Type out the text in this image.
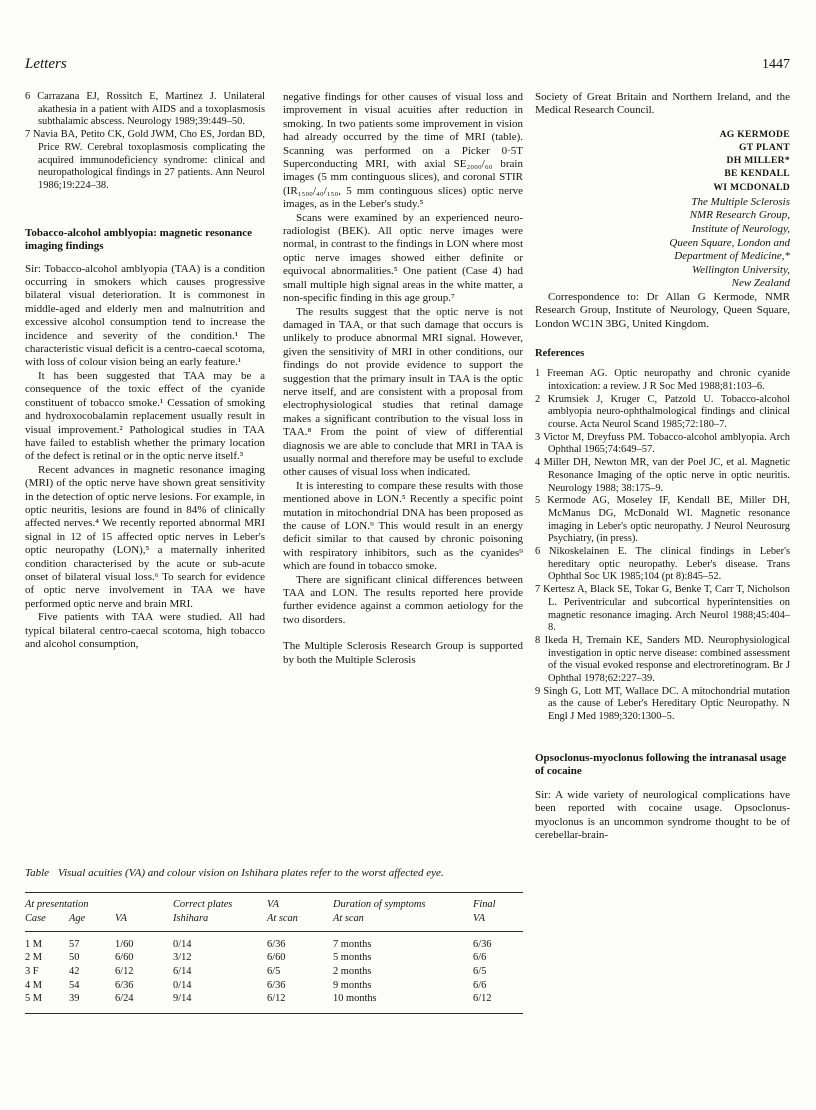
Letters	1447
6 Carrazana EJ, Rossitch E, Martinez J. Unilateral akathesia in a patient with AIDS and a toxoplasmosis subthalamic abscess. Neurology 1989;39:449–50.
7 Navia BA, Petito CK, Gold JWM, Cho ES, Jordan BD, Price RW. Cerebral toxoplasmosis complicating the acquired immunodeficiency syndrome: clinical and neuropathological findings in 27 patients. Ann Neurol 1986;19:224–38.
Tobacco-alcohol amblyopia: magnetic resonance imaging findings

Sir: Tobacco-alcohol amblyopia (TAA) is a condition occurring in smokers which causes progressive bilateral visual deterioration. It is commonest in middle-aged and elderly men and malnutrition and excessive alcohol consumption tend to increase the incidence and severity of the condition.¹ The characteristic visual deficit is a centro-caecal scotoma, with loss of colour vision being an early feature.¹

It has been suggested that TAA may be a consequence of the toxic effect of the cyanide constituent of tobacco smoke.¹ Cessation of smoking and hydroxocobalamin replacement usually result in visual improvement.² Pathological studies in TAA have failed to establish whether the primary location of the defect is retinal or in the optic nerve itself.³

Recent advances in magnetic resonance imaging (MRI) of the optic nerve have shown great sensitivity in the detection of optic nerve lesions. For example, in optic neuritis, lesions are found in 84% of clinically affected nerves.⁴ We recently reported abnormal MRI signal in 12 of 15 affected optic nerves in Leber's optic neuropathy (LON),⁵ a maternally inherited condition characterised by the acute or sub-acute onset of bilateral visual loss.⁶ To search for evidence of optic nerve involvement in TAA we have performed optic nerve and brain MRI.

Five patients with TAA were studied. All had typical bilateral centro-caecal scotoma, high tobacco and alcohol consumption,

negative findings for other causes of visual loss and improvement in visual acuities after reduction in smoking. In two patients some improvement in vision had already occurred by the time of MRI (table). Scanning was performed on a Picker 0·5T Superconducting MRI, with axial SE₂₀₀₀/₆₀ brain images (5 mm continguous slices), and coronal STIR (IR₁₅₀₀/₄₀/₁₅₀, 5 mm continguous slices) optic nerve images, as in the Leber's study.⁵

Scans were examined by an experienced neuro-radiologist (BEK). All optic nerve images were normal, in contrast to the findings in LON where most optic nerve images showed either definite or equivocal abnormalities.⁵ One patient (Case 4) had small multiple high signal areas in the white matter, a non-specific finding in this age group.⁷

The results suggest that the optic nerve is not damaged in TAA, or that such damage that occurs is unlikely to produce abnormal MRI signal. However, given the sensitivity of MRI in other conditions, our findings do not provide evidence to support the suggestion that the primary insult in TAA is the optic nerve itself, and are consistent with a proposal from electrophysiological studies that retinal damage makes a significant contribution to the visual loss in TAA.⁸ From the point of view of differential diagnosis we are able to conclude that MRI in TAA is usually normal and therefore may be useful to exclude other causes of visual loss when indicated.

It is interesting to compare these results with those mentioned above in LON.⁵ Recently a specific point mutation in mitochondrial DNA has been proposed as the cause of LON.⁹ This would result in an energy deficit similar to that caused by chronic poisoning with respiratory inhibitors, such as the cyanides⁹ which are found in tobacco smoke.

There are significant clinical differences between TAA and LON. The results reported here provide further evidence against a common aetiology for the two disorders.

The Multiple Sclerosis Research Group is supported by both the Multiple Sclerosis

Table Visual acuities (VA) and colour vision on Ishihara plates refer to the worst affected eye.

At presentation			Correct plates	VA	Duration of symptoms	Final
Case	Age	VA	Ishihara	At scan	At scan	VA
1 M	57	1/60	0/14	6/36	7 months	6/36
2 M	50	6/60	3/12	6/60	5 months	6/6
3 F	42	6/12	6/14	6/5	2 months	6/5
4 M	54	6/36	0/14	6/36	9 months	6/6
5 M	39	6/24	9/14	6/12	10 months	6/12

Society of Great Britain and Northern Ireland, and the Medical Research Council.

AG KERMODE
GT PLANT
DH MILLER*
BE KENDALL
WI MCDONALD
The Multiple Sclerosis
NMR Research Group,
Institute of Neurology,
Queen Square, London and
Department of Medicine,*
Wellington University,
New Zealand

Correspondence to: Dr Allan G Kermode, NMR Research Group, Institute of Neurology, Queen Square, London WC1N 3BG, United Kingdom.

References
1 Freeman AG. Optic neuropathy and chronic cyanide intoxication: a review. J R Soc Med 1988;81:103–6.
2 Krumsiek J, Kruger C, Patzold U. Tobacco-alcohol amblyopia neuro-ophthalmological findings and clinical course. Acta Neurol Scand 1985;72:180–7.
3 Victor M, Dreyfuss PM. Tobacco-alcohol amblyopia. Arch Ophthal 1965;74:649–57.
4 Miller DH, Newton MR, van der Poel JC, et al. Magnetic Resonance Imaging of the optic nerve in optic neuritis. Neurology 1988; 38:175–9.
5 Kermode AG, Moseley IF, Kendall BE, Miller DH, McManus DG, McDonald WI. Magnetic resonance imaging in Leber's optic neuropathy. J Neurol Neurosurg Psychiatry, (in press).
6 Nikoskelainen E. The clinical findings in Leber's hereditary optic neuropathy. Leber's disease. Trans Ophthal Soc UK 1985;104 (pt 8):845–52.
7 Kertesz A, Black SE, Tokar G, Benke T, Carr T, Nicholson L. Periventricular and subcortical hyperintensities on magnetic resonance imaging. Arch Neurol 1988;45:404–8.
8 Ikeda H, Tremain KE, Sanders MD. Neurophysiological investigation in optic nerve disease: combined assessment of the visual evoked response and electroretinogram. Br J Ophthal 1978;62:227–39.
9 Singh G, Lott MT, Wallace DC. A mitochondrial mutation as the cause of Leber's Hereditary Optic Neuropathy. N Engl J Med 1989;320:1300–5.
Opsoclonus-myoclonus following the intranasal usage of cocaine

Sir: A wide variety of neurological complications have been reported with cocaine usage. Opsoclonus-myoclonus is an uncommon syndrome thought to be of cerebellar-brain-
